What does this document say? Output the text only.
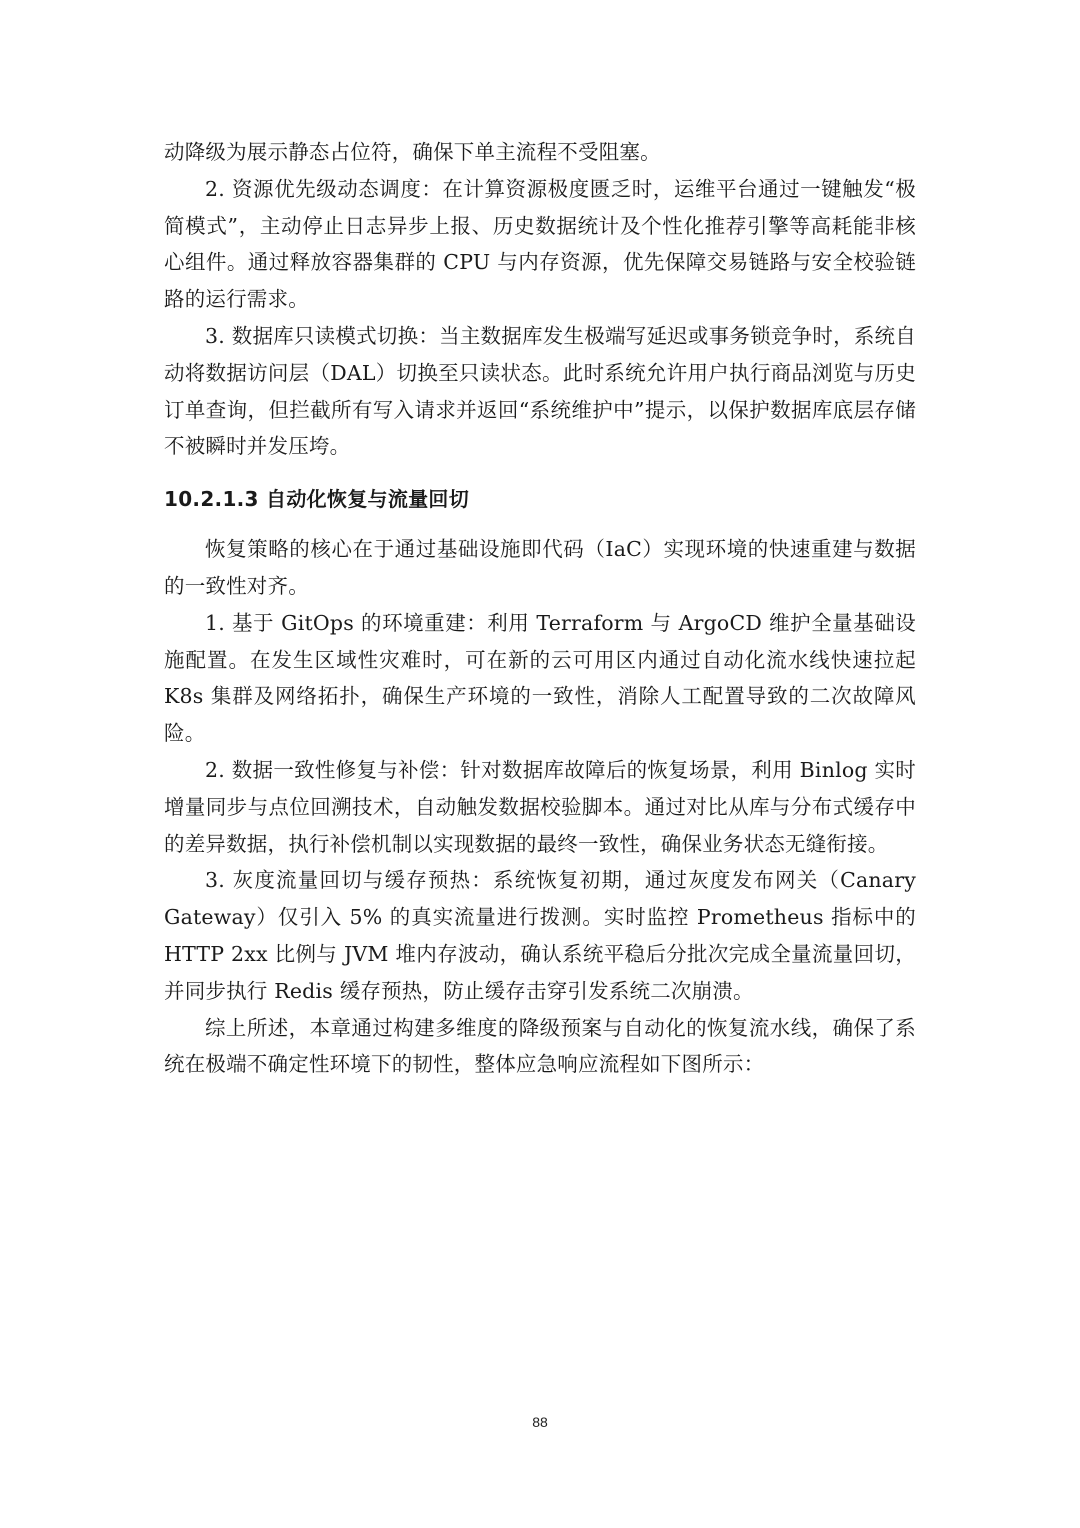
动降级为展示静态占位符，确保下单主流程不受阻塞。

2. 资源优先级动态调度：在计算资源极度匮乏时，运维平台通过一键触发“极简模式”，主动停止日志异步上报、历史数据统计及个性化推荐引擎等高耗能非核心组件。通过释放容器集群的 CPU 与内存资源，优先保障交易链路与安全校验链路的运行需求。

3. 数据库只读模式切换：当主数据库发生极端写延迟或事务锁竞争时，系统自动将数据访问层（DAL）切换至只读状态。此时系统允许用户执行商品浏览与历史订单查询，但拦截所有写入请求并返回“系统维护中”提示，以保护数据库底层存储不被瞬时并发压垮。

10.2.1.3 自动化恢复与流量回切

恢复策略的核心在于通过基础设施即代码（IaC）实现环境的快速重建与数据的一致性对齐。

1. 基于 GitOps 的环境重建：利用 Terraform 与 ArgoCD 维护全量基础设施配置。在发生区域性灾难时，可在新的云可用区内通过自动化流水线快速拉起 K8s 集群及网络拓扑，确保生产环境的一致性，消除人工配置导致的二次故障风险。

2. 数据一致性修复与补偿：针对数据库故障后的恢复场景，利用 Binlog 实时增量同步与点位回溯技术，自动触发数据校验脚本。通过对比从库与分布式缓存中的差异数据，执行补偿机制以实现数据的最终一致性，确保业务状态无缝衔接。

3. 灰度流量回切与缓存预热：系统恢复初期，通过灰度发布网关（Canary Gateway）仅引入 5% 的真实流量进行拨测。实时监控 Prometheus 指标中的 HTTP 2xx 比例与 JVM 堆内存波动，确认系统平稳后分批次完成全量流量回切，并同步执行 Redis 缓存预热，防止缓存击穿引发系统二次崩溃。

综上所述，本章通过构建多维度的降级预案与自动化的恢复流水线，确保了系统在极端不确定性环境下的韧性，整体应急响应流程如下图所示：

88
